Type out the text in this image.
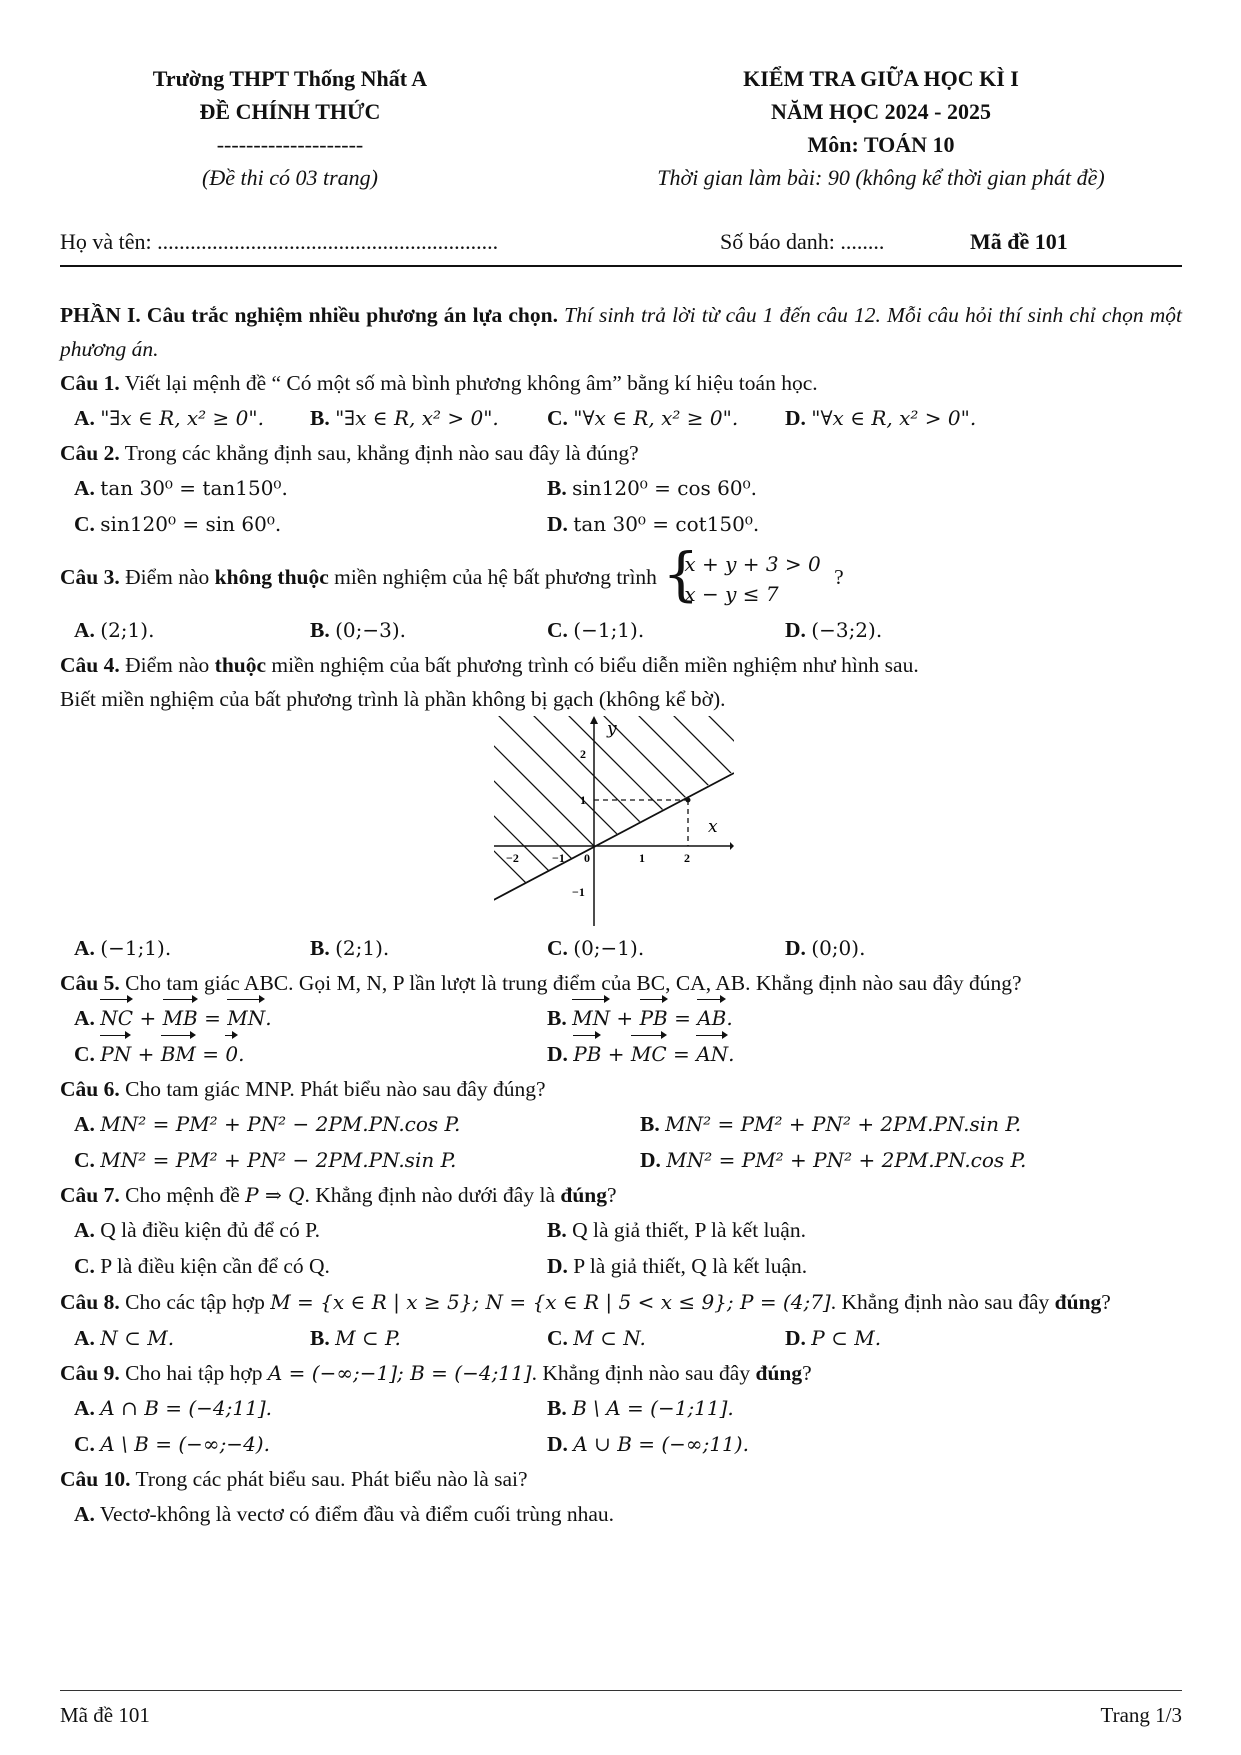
Trường THPT Thống Nhất A
ĐỀ CHÍNH THỨC
--------------------
(Đề thi có 03 trang)
KIỂM TRA GIỮA HỌC KÌ I
NĂM HỌC 2024 - 2025
Môn: TOÁN 10
Thời gian làm bài: 90 (không kể thời gian phát đề)
Họ và tên: ..............................................................	Số báo danh: ........	Mã đề 101

PHẦN I. Câu trắc nghiệm nhiều phương án lựa chọn. Thí sinh trả lời từ câu 1 đến câu 12. Mỗi câu hỏi thí sinh chỉ chọn một phương án.

Câu 1. Viết lại mệnh đề “ Có một số mà bình phương không âm” bằng kí hiệu toán học.

A. "∃x ∈ R, x² ≥ 0". B. "∃x ∈ R, x² > 0". C. "∀x ∈ R, x² ≥ 0". D. "∀x ∈ R, x² > 0".

Câu 2. Trong các khẳng định sau, khẳng định nào sau đây là đúng?

A. tan 30⁰ = tan150⁰.	B. sin120⁰ = cos 60⁰.
C. sin120⁰ = sin 60⁰.	D. tan 30⁰ = cot150⁰.
Câu 3. Điểm nào không thuộc miền nghiệm của hệ bất phương trình {
x + y + 3 > 0
x − y ≤ 7
?
A. (2;1).	B. (0;−3).	C. (−1;1).	D. (−3;2).

Câu 4. Điểm nào thuộc miền nghiệm của bất phương trình có biểu diễn miền nghiệm như hình sau.

Biết miền nghiệm của bất phương trình là phần không bị gạch (không kể bờ).

y
x
−2	−1 0	1	2
2
1
−1
A. (−1;1).	B. (2;1).	C. (0;−1).	D. (0;0).

Câu 5. Cho tam giác ABC. Gọi M, N, P lần lượt là trung điểm của BC, CA, AB. Khẳng định nào sau đây đúng?

A. NC + MB = MN.	B. MN + PB = AB.
C. PN + BM = 0.	D. PB + MC = AN.

Câu 6. Cho tam giác MNP. Phát biểu nào sau đây đúng?

A. MN² = PM² + PN² − 2PM.PN.cos P.	B. MN² = PM² + PN² + 2PM.PN.sin P.
C. MN² = PM² + PN² − 2PM.PN.sin P.	D. MN² = PM² + PN² + 2PM.PN.cos P.

Câu 7. Cho mệnh đề P ⇒ Q. Khẳng định nào dưới đây là đúng?

A. Q là điều kiện đủ để có P.	B. Q là giả thiết, P là kết luận.
C. P là điều kiện cần để có Q.	D. P là giả thiết, Q là kết luận.

Câu 8. Cho các tập hợp M = {x ∈ R | x ≥ 5}; N = {x ∈ R | 5 < x ≤ 9}; P = (4;7]. Khẳng định nào sau đây đúng?

A. N ⊂ M.	B. M ⊂ P.	C. M ⊂ N.	D. P ⊂ M.

Câu 9. Cho hai tập hợp A = (−∞;−1]; B = (−4;11]. Khẳng định nào sau đây đúng?

A. A ∩ B = (−4;11].	B. B \ A = (−1;11].
C. A \ B = (−∞;−4).	D. A ∪ B = (−∞;11).

Câu 10. Trong các phát biểu sau. Phát biểu nào là sai?

A. Vectơ-không là vectơ có điểm đầu và điểm cuối trùng nhau.
Mã đề 101	Trang 1/3
